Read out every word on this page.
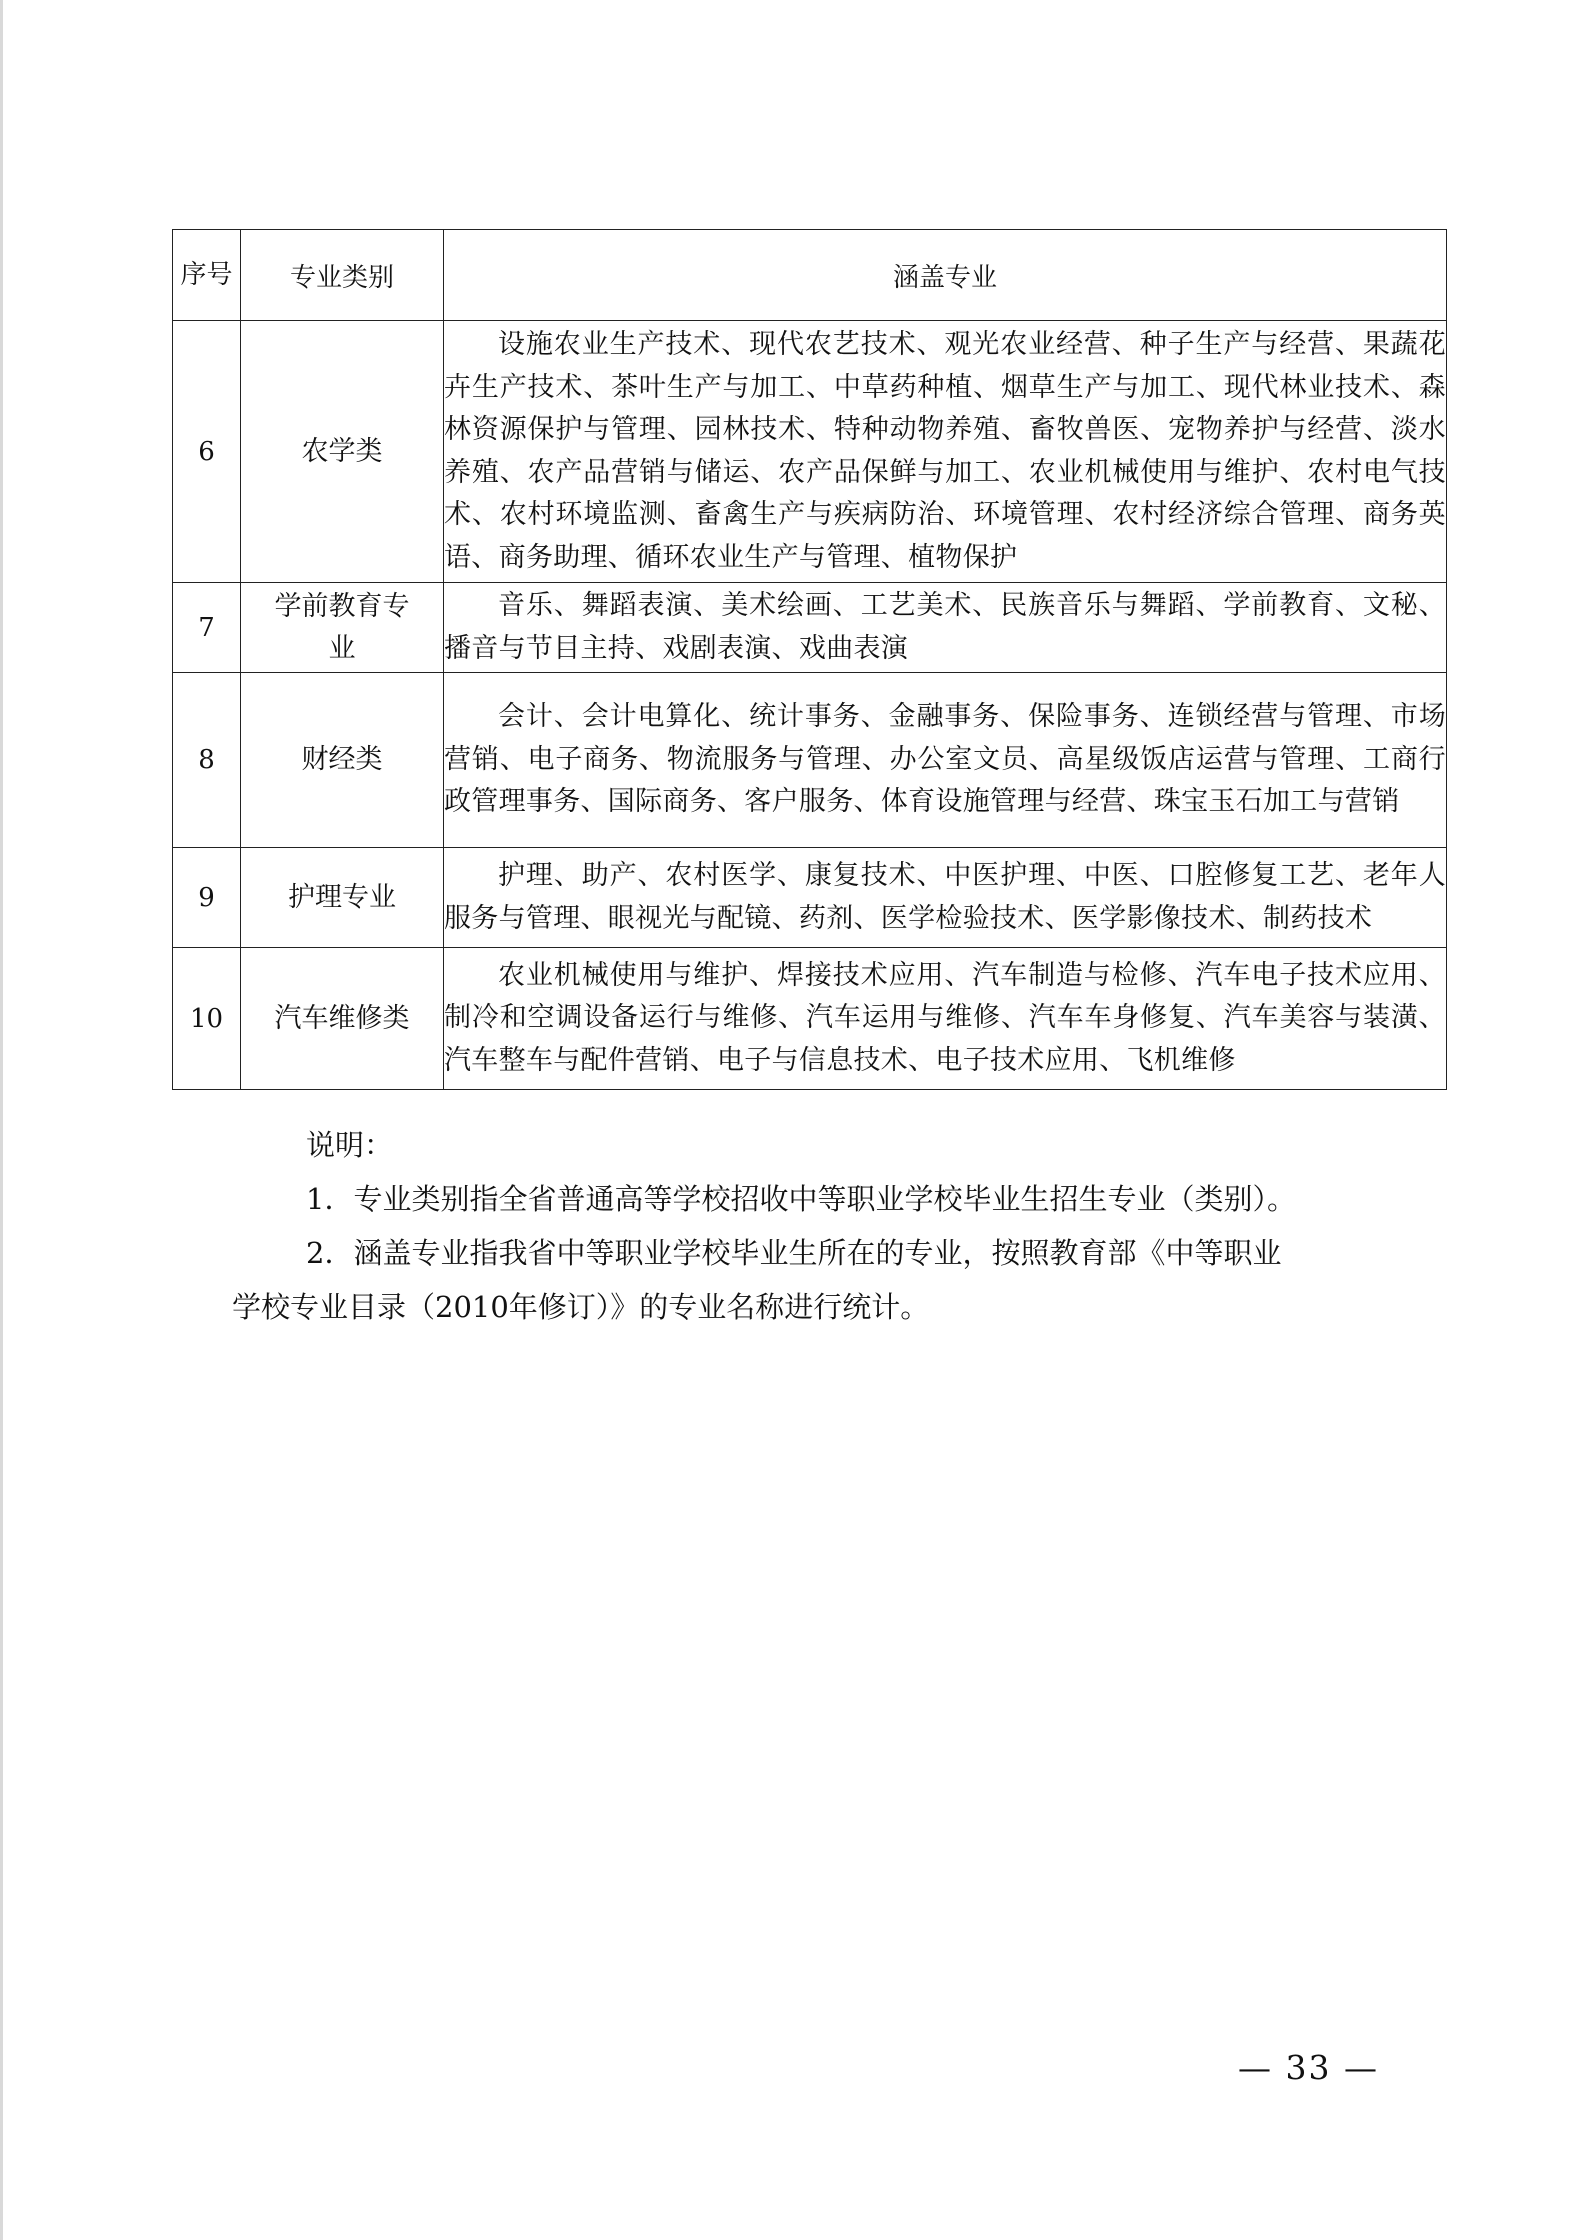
序号	专业类别	涵盖专业
6	农学类	设施农业生产技术、现代农艺技术、观光农业经营、种子生产与经营、果蔬花卉生产技术、茶叶生产与加工、中草药种植、烟草生产与加工、现代林业技术、森林资源保护与管理、园林技术、特种动物养殖、畜牧兽医、宠物养护与经营、淡水养殖、农产品营销与储运、农产品保鲜与加工、农业机械使用与维护、农村电气技术、农村环境监测、畜禽生产与疾病防治、环境管理、农村经济综合管理、商务英语、商务助理、循环农业生产与管理、植物保护
7	学前教育专业	音乐、舞蹈表演、美术绘画、工艺美术、民族音乐与舞蹈、学前教育、文秘、播音与节目主持、戏剧表演、戏曲表演
8	财经类	会计、会计电算化、统计事务、金融事务、保险事务、连锁经营与管理、市场营销、电子商务、物流服务与管理、办公室文员、高星级饭店运营与管理、工商行政管理事务、国际商务、客户服务、体育设施管理与经营、珠宝玉石加工与营销
9	护理专业	护理、助产、农村医学、康复技术、中医护理、中医、口腔修复工艺、老年人服务与管理、眼视光与配镜、药剂、医学检验技术、医学影像技术、制药技术
10	汽车维修类	农业机械使用与维护、焊接技术应用、汽车制造与检修、汽车电子技术应用、制冷和空调设备运行与维修、汽车运用与维修、汽车车身修复、汽车美容与装潢、汽车整车与配件营销、电子与信息技术、电子技术应用、飞机维修
说明：
1．专业类别指全省普通高等学校招收中等职业学校毕业生招生专业（类别）。
2．涵盖专业指我省中等职业学校毕业生所在的专业，按照教育部《中等职业
学校专业目录（2010年修订）》的专业名称进行统计。
— 33 —
